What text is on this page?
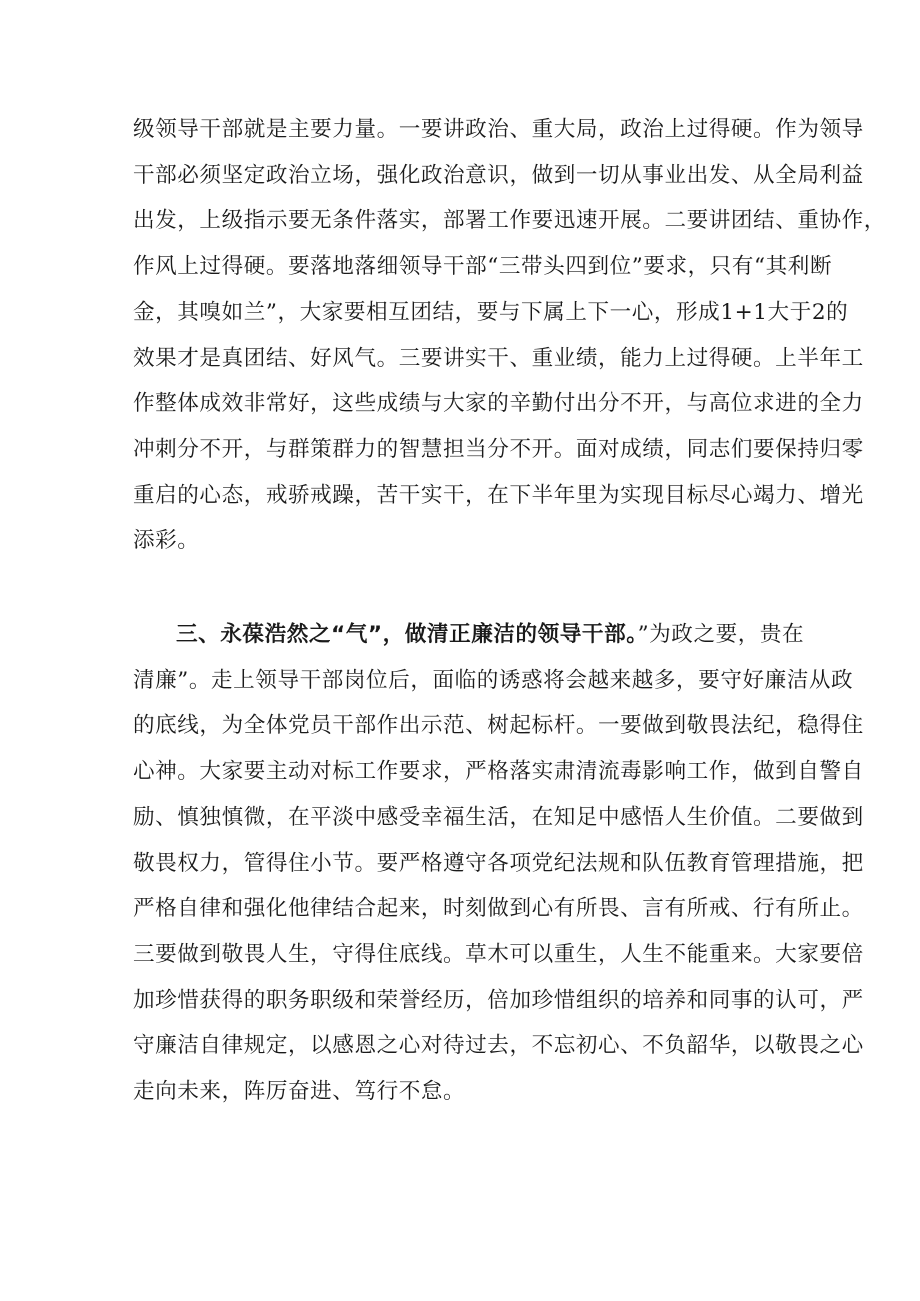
级领导干部就是主要力量。一要讲政治、重大局，政治上过得硬。作为领导
干部必须坚定政治立场，强化政治意识，做到一切从事业出发、从全局利益
出发，上级指示要无条件落实，部署工作要迅速开展。二要讲团结、重协作，
作风上过得硬。要落地落细领导干部“三带头四到位”要求，只有“其利断
金，其嗅如兰”，大家要相互团结，要与下属上下一心，形成1+1大于2的
效果才是真团结、好风气。三要讲实干、重业绩，能力上过得硬。上半年工
作整体成效非常好，这些成绩与大家的辛勤付出分不开，与高位求进的全力
冲刺分不开，与群策群力的智慧担当分不开。面对成绩，同志们要保持归零
重启的心态，戒骄戒躁，苦干实干，在下半年里为实现目标尽心竭力、增光
添彩。
三、永葆浩然之“气”，做清正廉洁的领导干部。”为政之要，贵在
清廉”。走上领导干部岗位后，面临的诱惑将会越来越多，要守好廉洁从政
的底线，为全体党员干部作出示范、树起标杆。一要做到敬畏法纪，稳得住
心神。大家要主动对标工作要求，严格落实肃清流毒影响工作，做到自警自
励、慎独慎微，在平淡中感受幸福生活，在知足中感悟人生价值。二要做到
敬畏权力，管得住小节。要严格遵守各项党纪法规和队伍教育管理措施，把
严格自律和强化他律结合起来，时刻做到心有所畏、言有所戒、行有所止。
三要做到敬畏人生，守得住底线。草木可以重生，人生不能重来。大家要倍
加珍惜获得的职务职级和荣誉经历，倍加珍惜组织的培养和同事的认可，严
守廉洁自律规定，以感恩之心对待过去，不忘初心、不负韶华，以敬畏之心
走向未来，阵厉奋进、笃行不怠。
